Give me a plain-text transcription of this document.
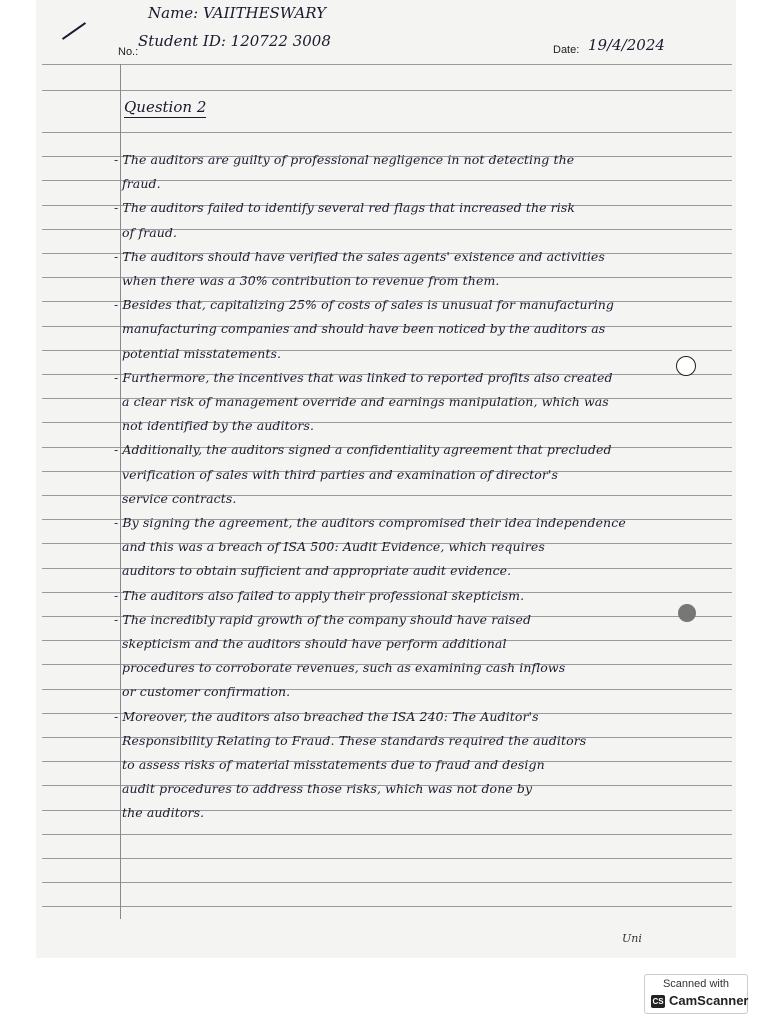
Name: VAIITHESWARY
Student ID: 120722 3008
No.:	Date: 19/4/2024
Question 2
- The auditors are guilty of professional negligence in not detecting the
fraud.
- The auditors failed to identify several red flags that increased the risk
of fraud.
- The auditors should have verified the sales agents' existence and activities
when there was a 30% contribution to revenue from them.
- Besides that, capitalizing 25% of costs of sales is unusual for manufacturing
manufacturing companies and should have been noticed by the auditors as
potential misstatements.
- Furthermore, the incentives that was linked to reported profits also created
a clear risk of management override and earnings manipulation, which was
not identified by the auditors.
- Additionally, the auditors signed a confidentiality agreement that precluded
verification of sales with third parties and examination of director's
service contracts.
- By signing the agreement, the auditors compromised their idea independence
and this was a breach of ISA 500: Audit Evidence, which requires
auditors to obtain sufficient and appropriate audit evidence.
- The auditors also failed to apply their professional skepticism.
- The incredibly rapid growth of the company should have raised
skepticism and the auditors should have perform additional
procedures to corroborate revenues, such as examining cash inflows
or customer confirmation.
- Moreover, the auditors also breached the ISA 240: The Auditor's
Responsibility Relating to Fraud. These standards required the auditors
to assess risks of material misstatements due to fraud and design
audit procedures to address those risks, which was not done by
the auditors.
Uni
Scanned with
CS CamScanner
